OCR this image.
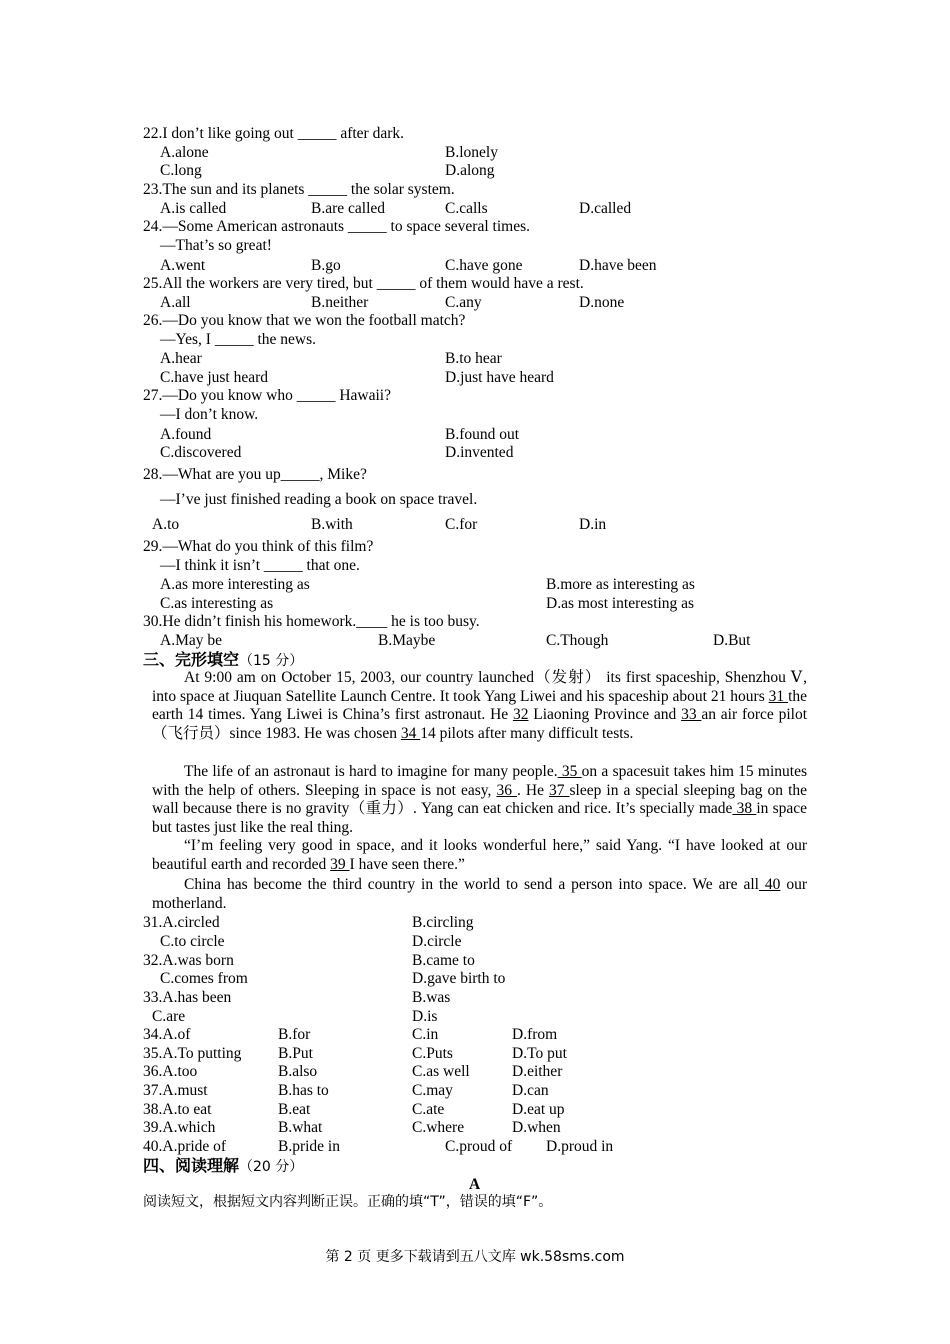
22.I don’t like going out _____ after dark.
A.alone	B.lonely
C.long	D.along
23.The sun and its planets _____ the solar system.
A.is called	B.are called	C.calls	D.called
24.—Some American astronauts _____ to space several times.
—That’s so great!
A.went	B.go	C.have gone	D.have been
25.All the workers are very tired, but _____ of them would have a rest.
A.all	B.neither	C.any	D.none
26.—Do you know that we won the football match?
—Yes, I _____ the news.
A.hear	B.to hear
C.have just heard	D.just have heard
27.—Do you know who _____ Hawaii?
—I don’t know.
A.found	B.found out
C.discovered	D.invented
28.—What are you up_____, Mike?
—I’ve just finished reading a book on space travel.
A.to	B.with	C.for	D.in
29.—What do you think of this film?
—I think it isn’t _____ that one.
A.as more interesting as	B.more as interesting as
C.as interesting as	D.as most interesting as
30.He didn’t finish his homework.____ he is too busy.
A.May be	B.Maybe	C.Though	D.But
三、完形填空（15 分）
At 9:00 am on October 15, 2003, our country launched（发射） its first spaceship, Shenzhou Ⅴ, into space at Jiuquan Satellite Launch Centre. It took Yang Liwei and his spaceship about 21 hours 31 the earth 14 times. Yang Liwei is China’s first astronaut. He 32 Liaoning Province and 33 an air force pilot（飞行员）since 1983. He was chosen 34 14 pilots after many difficult tests.
The life of an astronaut is hard to imagine for many people. 35 on a spacesuit takes him 15 minutes with the help of others. Sleeping in space is not easy, 36 . He 37 sleep in a special sleeping bag on the wall because there is no gravity（重力）. Yang can eat chicken and rice. It’s specially made 38 in space but tastes just like the real thing.
“I’m feeling very good in space, and it looks wonderful here,” said Yang. “I have looked at our beautiful earth and recorded 39 I have seen there.”
China has become the third country in the world to send a person into space. We are all 40 our motherland.
31.A.circled	B.circling
C.to circle	D.circle
32.A.was born	B.came to
C.comes from	D.gave birth to
33.A.has been	B.was
C.are	D.is
34.A.of	B.for	C.in	D.from
35.A.To putting B.Put	C.Puts	D.To put
36.A.too	B.also	C.as well	D.either
37.A.must	B.has to	C.may	D.can
38.A.to eat	B.eat	C.ate	D.eat up
39.A.which	B.what	C.where	D.when
40.A.pride of	B.pride in	C.proud of D.proud in
四、阅读理解（20 分）
A
阅读短文，根据短文内容判断正误。正确的填“T”，错误的填“F”。
第 2 页 更多下载请到五八文库 wk.58sms.com
